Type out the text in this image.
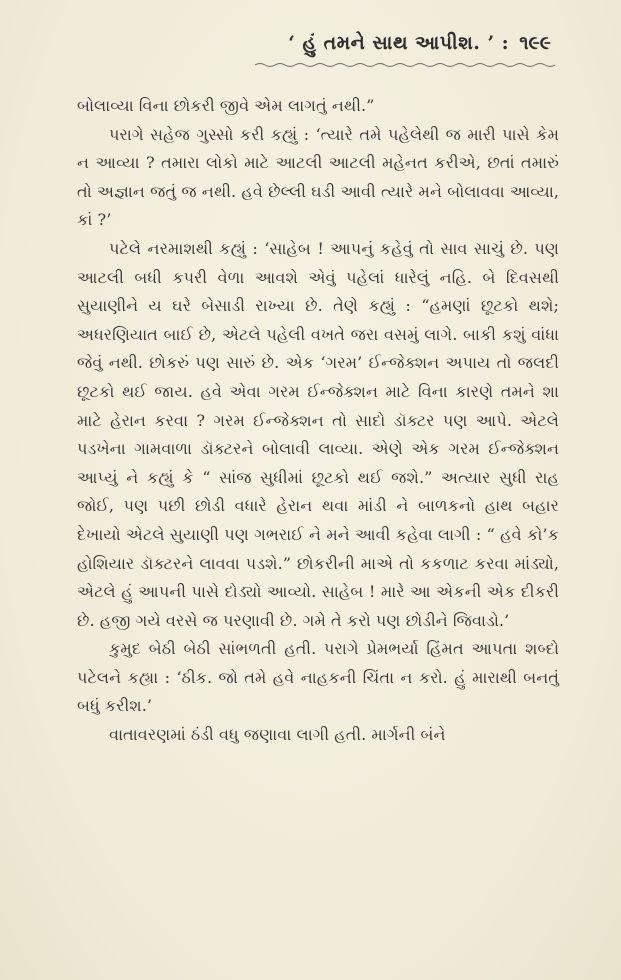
‘ હું તમને સાથ આપીશ. ’ : ૧૯૯

બોલાવ્યા વિના છોકરી જીવે એમ લાગતું નથી.”

પરાગે સહેજ ગુસ્સો કરી કહ્યું : ‘ત્યારે તમે પહેલેથી જ મારી પાસે કેમ ન આવ્યા ? તમારા લોકો માટે આટલી આટલી મહેનત કરીએ, છતાં તમારું તો અજ્ઞાન જતું જ નથી. હવે છેલ્લી ઘડી આવી ત્યારે મને બોલાવવા આવ્યા, કાં ?’

પટેલે નરમાશથી કહ્યું : ‘સાહેબ ! આપનું કહેવું તો સાવ સાચું છે. પણ આટલી બધી કપરી વેળા આવશે એવું પહેલાં ધારેલું નહિ. બે દિવસથી સુયાણીને ય ઘરે બેસાડી રાખ્યા છે. તેણે કહ્યું : “હમણાં છૂટકો થશે; અધરણિયાત બાઈ છે, એટલે પહેલી વખતે જરા વસમું લાગે. બાકી કશું વાંધા જેવું નથી. છોકરું પણ સારું છે. એક ‘ગરમ’ ઈન્જેક્શન અપાય તો જલદી છૂટકો થઈ જાય. હવે એવા ગરમ ઈન્જેક્શન માટે વિના કારણે તમને શા માટે હેરાન કરવા ? ગરમ ઈન્જેક્શન તો સાદો ડૉક્ટર પણ આપે. એટલે પડખેના ગામવાળા ડૉક્ટરને બોલાવી લાવ્યા. એણે એક ગરમ ઈન્જેક્શન આપ્યું ને કહ્યું કે “ સાંજ સુધીમાં છૂટકો થઈ જશે.” અત્યાર સુધી રાહ જોઈ, પણ પછી છોડી વધારે હેરાન થવા માંડી ને બાળકનો હાથ બહાર દેખાયો એટલે સુયાણી પણ ગભરાઈ ને મને આવી કહેવા લાગી : “ હવે કો’ક હોશિયાર ડૉક્ટરને લાવવા પડશે.” છોકરીની માએ તો કકળાટ કરવા માંડ્યો, એટલે હું આપની પાસે દોડ્યો આવ્યો. સાહેબ ! મારે આ એકની એક દીકરી છે. હજી ગયે વરસે જ પરણાવી છે. ગમે તે કરો પણ છોડીને જિવાડો.’

કુમુદ બેઠી બેઠી સાંભળતી હતી. પરાગે પ્રેમભર્યા હિંમત આપતા શબ્દો પટેલને કહ્યા : ‘ઠીક. જો તમે હવે નાહકની ચિંતા ન કરો. હું મારાથી બનતું બધું કરીશ.’

વાતાવરણમાં ઠંડી વધુ જણાવા લાગી હતી. માર્ગની બંને
